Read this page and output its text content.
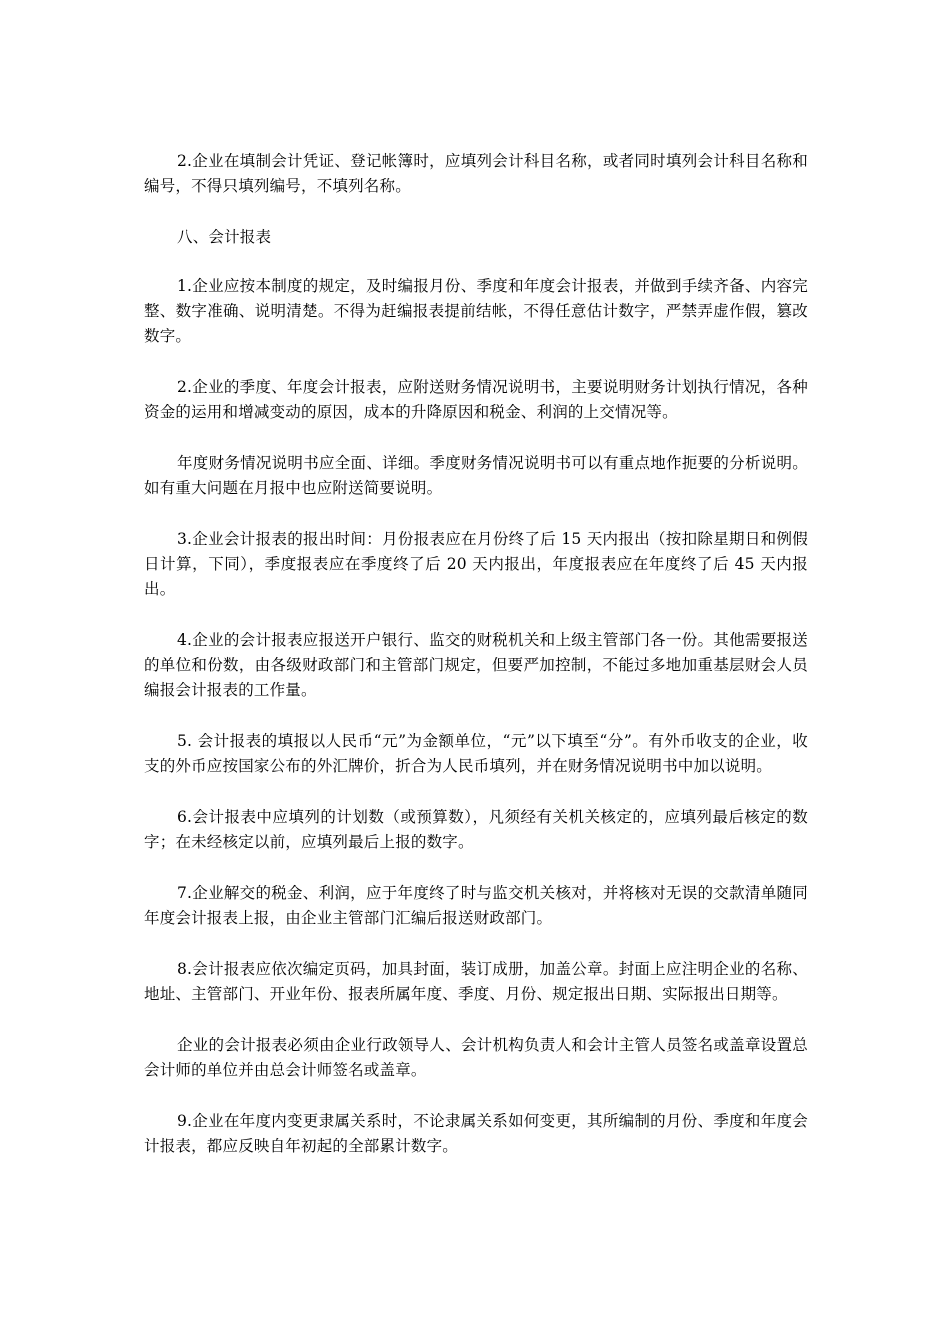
2.企业在填制会计凭证、登记帐簿时，应填列会计科目名称，或者同时填列会计科目名称和编号，不得只填列编号，不填列名称。

八、会计报表

1.企业应按本制度的规定，及时编报月份、季度和年度会计报表，并做到手续齐备、内容完整、数字准确、说明清楚。不得为赶编报表提前结帐，不得任意估计数字，严禁弄虚作假，篡改数字。

2.企业的季度、年度会计报表，应附送财务情况说明书，主要说明财务计划执行情况，各种资金的运用和增减变动的原因，成本的升降原因和税金、利润的上交情况等。

年度财务情况说明书应全面、详细。季度财务情况说明书可以有重点地作扼要的分析说明。如有重大问题在月报中也应附送简要说明。

3.企业会计报表的报出时间：月份报表应在月份终了后 15 天内报出（按扣除星期日和例假日计算，下同），季度报表应在季度终了后 20 天内报出，年度报表应在年度终了后 45 天内报出。

4.企业的会计报表应报送开户银行、监交的财税机关和上级主管部门各一份。其他需要报送的单位和份数，由各级财政部门和主管部门规定，但要严加控制，不能过多地加重基层财会人员编报会计报表的工作量。

5. 会计报表的填报以人民币“元”为金额单位，“元”以下填至“分”。有外币收支的企业，收支的外币应按国家公布的外汇牌价，折合为人民币填列，并在财务情况说明书中加以说明。

6.会计报表中应填列的计划数（或预算数），凡须经有关机关核定的，应填列最后核定的数字；在未经核定以前，应填列最后上报的数字。

7.企业解交的税金、利润，应于年度终了时与监交机关核对，并将核对无误的交款清单随同年度会计报表上报，由企业主管部门汇编后报送财政部门。

8.会计报表应依次编定页码，加具封面，装订成册，加盖公章。封面上应注明企业的名称、地址、主管部门、开业年份、报表所属年度、季度、月份、规定报出日期、实际报出日期等。

企业的会计报表必须由企业行政领导人、会计机构负责人和会计主管人员签名或盖章设置总会计师的单位并由总会计师签名或盖章。

9.企业在年度内变更隶属关系时，不论隶属关系如何变更，其所编制的月份、季度和年度会计报表，都应反映自年初起的全部累计数字。
